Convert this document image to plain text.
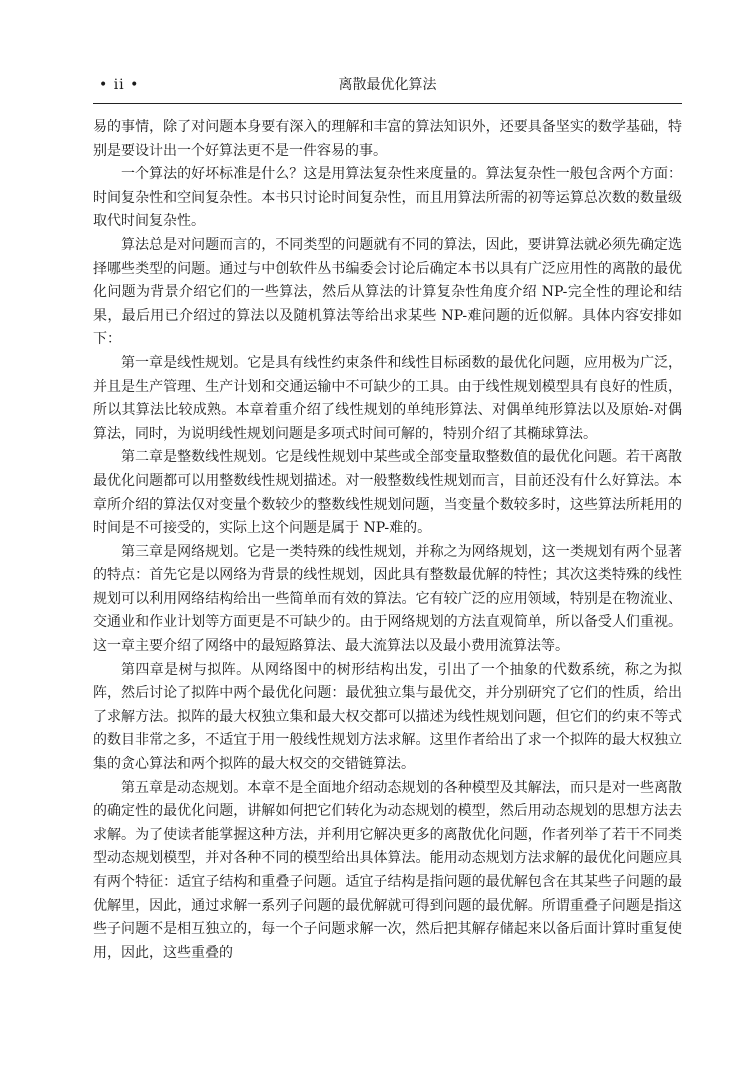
• ii •	离散最优化算法

易的事情，除了对问题本身要有深入的理解和丰富的算法知识外，还要具备坚实的数学基础，特别是要设计出一个好算法更不是一件容易的事。

一个算法的好坏标准是什么？这是用算法复杂性来度量的。算法复杂性一般包含两个方面：时间复杂性和空间复杂性。本书只讨论时间复杂性，而且用算法所需的初等运算总次数的数量级取代时间复杂性。

算法总是对问题而言的，不同类型的问题就有不同的算法，因此，要讲算法就必须先确定选择哪些类型的问题。通过与中创软件丛书编委会讨论后确定本书以具有广泛应用性的离散的最优化问题为背景介绍它们的一些算法，然后从算法的计算复杂性角度介绍 NP-完全性的理论和结果，最后用已介绍过的算法以及随机算法等给出求某些 NP-难问题的近似解。具体内容安排如下：

第一章是线性规划。它是具有线性约束条件和线性目标函数的最优化问题，应用极为广泛，并且是生产管理、生产计划和交通运输中不可缺少的工具。由于线性规划模型具有良好的性质，所以其算法比较成熟。本章着重介绍了线性规划的单纯形算法、对偶单纯形算法以及原始-对偶算法，同时，为说明线性规划问题是多项式时间可解的，特别介绍了其椭球算法。

第二章是整数线性规划。它是线性规划中某些或全部变量取整数值的最优化问题。若干离散最优化问题都可以用整数线性规划描述。对一般整数线性规划而言，目前还没有什么好算法。本章所介绍的算法仅对变量个数较少的整数线性规划问题，当变量个数较多时，这些算法所耗用的时间是不可接受的，实际上这个问题是属于 NP-难的。

第三章是网络规划。它是一类特殊的线性规划，并称之为网络规划，这一类规划有两个显著的特点：首先它是以网络为背景的线性规划，因此具有整数最优解的特性；其次这类特殊的线性规划可以利用网络结构给出一些简单而有效的算法。它有较广泛的应用领域，特别是在物流业、交通业和作业计划等方面更是不可缺少的。由于网络规划的方法直观简单，所以备受人们重视。这一章主要介绍了网络中的最短路算法、最大流算法以及最小费用流算法等。

第四章是树与拟阵。从网络图中的树形结构出发，引出了一个抽象的代数系统，称之为拟阵，然后讨论了拟阵中两个最优化问题：最优独立集与最优交，并分别研究了它们的性质，给出了求解方法。拟阵的最大权独立集和最大权交都可以描述为线性规划问题，但它们的约束不等式的数目非常之多，不适宜于用一般线性规划方法求解。这里作者给出了求一个拟阵的最大权独立集的贪心算法和两个拟阵的最大权交的交错链算法。

第五章是动态规划。本章不是全面地介绍动态规划的各种模型及其解法，而只是对一些离散的确定性的最优化问题，讲解如何把它们转化为动态规划的模型，然后用动态规划的思想方法去求解。为了使读者能掌握这种方法，并利用它解决更多的离散优化问题，作者列举了若干不同类型动态规划模型，并对各种不同的模型给出具体算法。能用动态规划方法求解的最优化问题应具有两个特征：适宜子结构和重叠子问题。适宜子结构是指问题的最优解包含在其某些子问题的最优解里，因此，通过求解一系列子问题的最优解就可得到问题的最优解。所谓重叠子问题是指这些子问题不是相互独立的，每一个子问题求解一次，然后把其解存储起来以备后面计算时重复使用，因此，这些重叠的
